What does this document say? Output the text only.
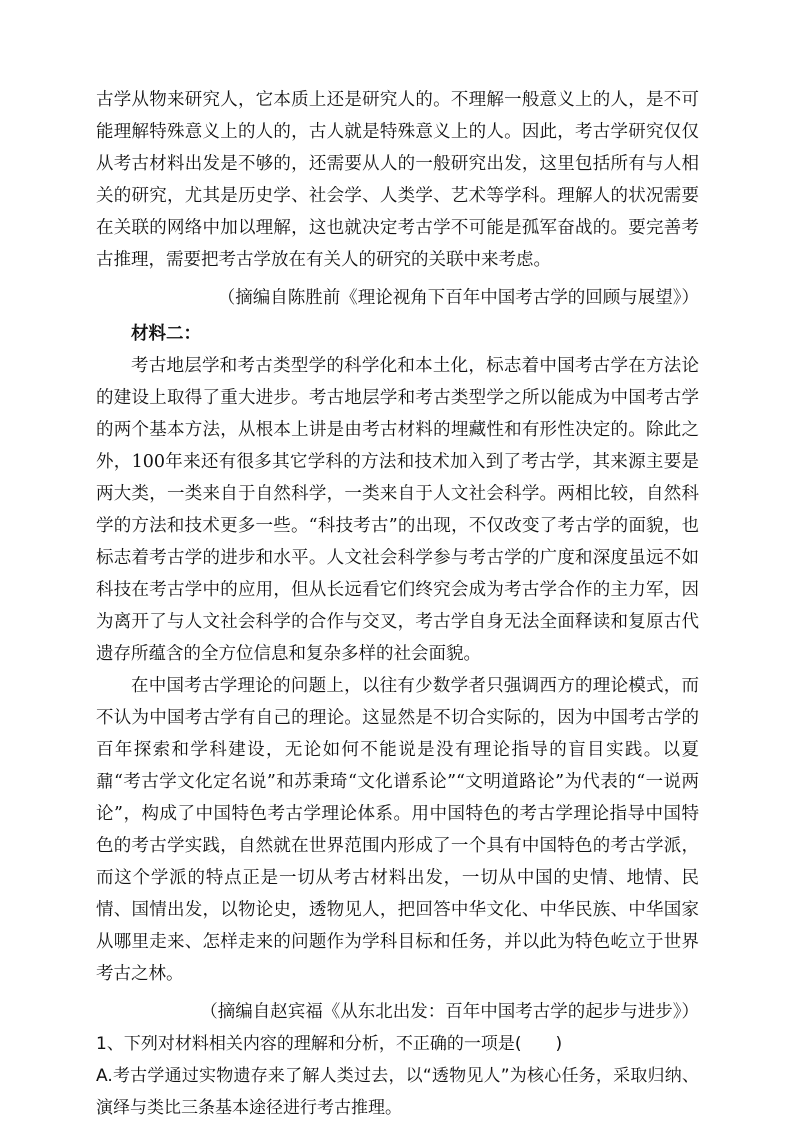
古学从物来研究人，它本质上还是研究人的。不理解一般意义上的人，是不可能理解特殊意义上的人的，古人就是特殊意义上的人。因此，考古学研究仅仅从考古材料出发是不够的，还需要从人的一般研究出发，这里包括所有与人相关的研究，尤其是历史学、社会学、人类学、艺术等学科。理解人的状况需要在关联的网络中加以理解，这也就决定考古学不可能是孤军奋战的。要完善考古推理，需要把考古学放在有关人的研究的关联中来考虑。

（摘编自陈胜前《理论视角下百年中国考古学的回顾与展望》）

材料二：

考古地层学和考古类型学的科学化和本土化，标志着中国考古学在方法论的建设上取得了重大进步。考古地层学和考古类型学之所以能成为中国考古学的两个基本方法，从根本上讲是由考古材料的埋藏性和有形性决定的。除此之外，100年来还有很多其它学科的方法和技术加入到了考古学，其来源主要是两大类，一类来自于自然科学，一类来自于人文社会科学。两相比较，自然科学的方法和技术更多一些。“科技考古”的出现，不仅改变了考古学的面貌，也标志着考古学的进步和水平。人文社会科学参与考古学的广度和深度虽远不如科技在考古学中的应用，但从长远看它们终究会成为考古学合作的主力军，因为离开了与人文社会科学的合作与交叉，考古学自身无法全面释读和复原古代遗存所蕴含的全方位信息和复杂多样的社会面貌。

在中国考古学理论的问题上，以往有少数学者只强调西方的理论模式，而不认为中国考古学有自己的理论。这显然是不切合实际的，因为中国考古学的百年探索和学科建设，无论如何不能说是没有理论指导的盲目实践。以夏鼐“考古学文化定名说”和苏秉琦“文化谱系论”“文明道路论”为代表的“一说两论”，构成了中国特色考古学理论体系。用中国特色的考古学理论指导中国特色的考古学实践，自然就在世界范围内形成了一个具有中国特色的考古学派，而这个学派的特点正是一切从考古材料出发，一切从中国的史情、地情、民情、国情出发，以物论史，透物见人，把回答中华文化、中华民族、中华国家从哪里走来、怎样走来的问题作为学科目标和任务，并以此为特色屹立于世界考古之林。

（摘编自赵宾福《从东北出发：百年中国考古学的起步与进步》）

1、下列对材料相关内容的理解和分析，不正确的一项是(　　)

A.考古学通过实物遗存来了解人类过去，以“透物见人”为核心任务，采取归纳、演绎与类比三条基本途径进行考古推理。
